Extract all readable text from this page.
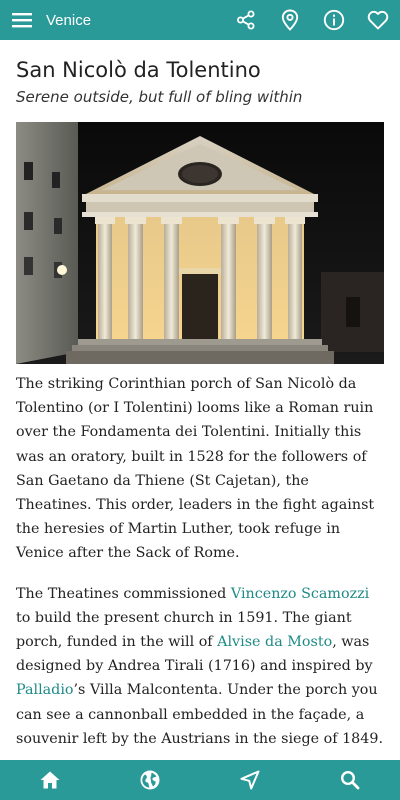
Venice
San Nicolò da Tolentino
Serene outside, but full of bling within

The striking Corinthian porch of San Nicolò da Tolentino (or I Tolentini) looms like a Roman ruin over the Fondamenta dei Tolentini. Initially this was an oratory, built in 1528 for the followers of San Gaetano da Thiene (St Cajetan), the Theatines. This order, leaders in the fight against the heresies of Martin Luther, took refuge in Venice after the Sack of Rome.

The Theatines commissioned Vincenzo Scamozzi to build the present church in 1591. The giant porch, funded in the will of Alvise da Mosto, was designed by Andrea Tirali (1716) and inspired by Palladio’s Villa Malcontenta. Under the porch you can see a cannonball embedded in the façade, a souvenir left by the Austrians in the siege of 1849.
